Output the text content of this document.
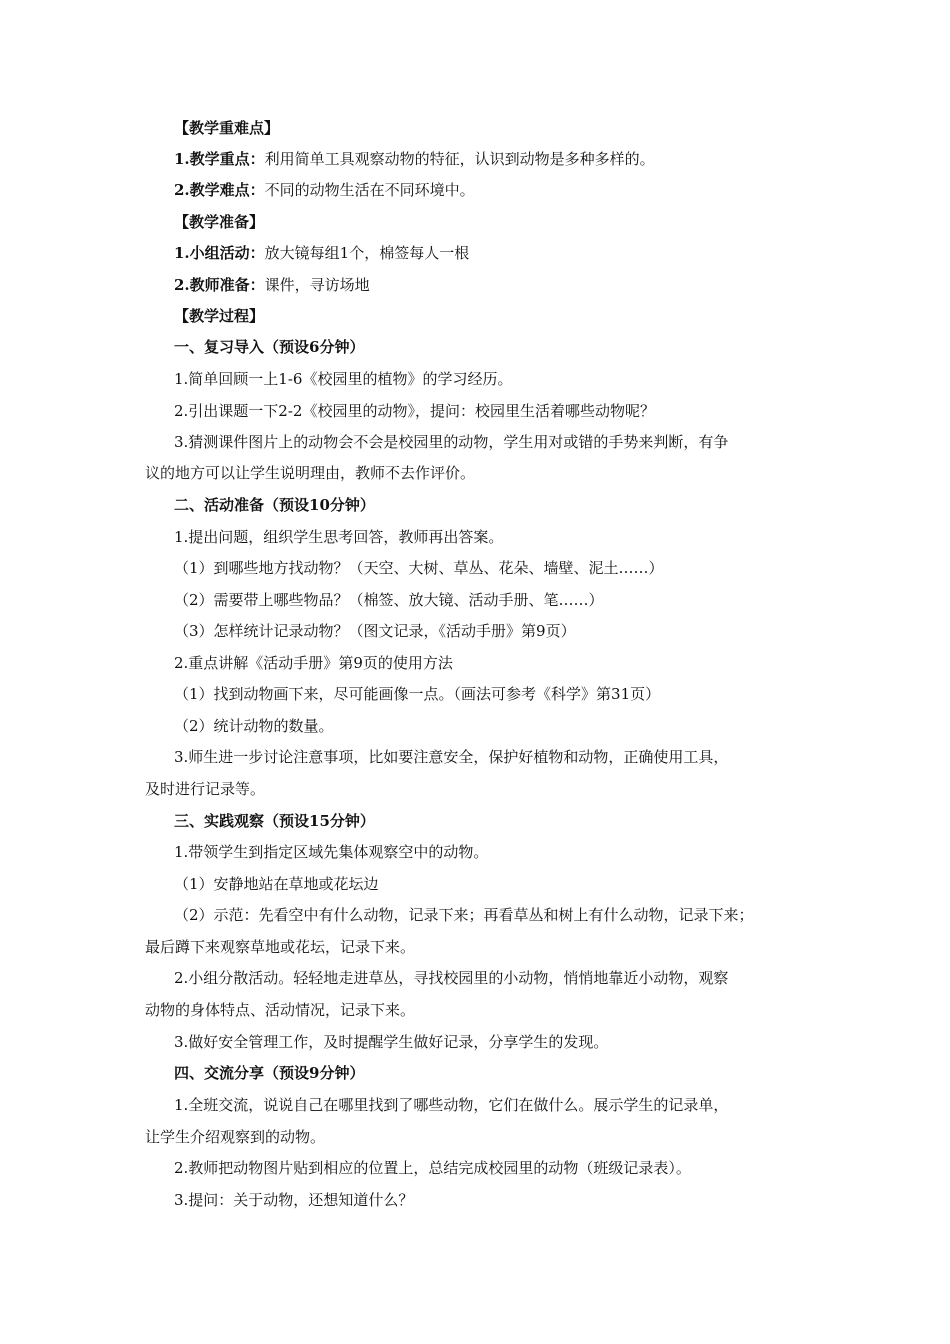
【教学重难点】
1.教学重点：利用简单工具观察动物的特征，认识到动物是多种多样的。
2.教学难点：不同的动物生活在不同环境中。
【教学准备】
1.小组活动：放大镜每组1个，棉签每人一根
2.教师准备：课件，寻访场地
【教学过程】
一、复习导入（预设6分钟）
1.简单回顾一上1-6《校园里的植物》的学习经历。
2.引出课题一下2-2《校园里的动物》，提问：校园里生活着哪些动物呢？
3.猜测课件图片上的动物会不会是校园里的动物，学生用对或错的手势来判断，有争
议的地方可以让学生说明理由，教师不去作评价。
二、活动准备（预设10分钟）
1.提出问题，组织学生思考回答，教师再出答案。
（1）到哪些地方找动物？（天空、大树、草丛、花朵、墙壁、泥土……）
（2）需要带上哪些物品？（棉签、放大镜、活动手册、笔……）
（3）怎样统计记录动物？（图文记录，《活动手册》第9页）
2.重点讲解《活动手册》第9页的使用方法
（1）找到动物画下来，尽可能画像一点。（画法可参考《科学》第31页）
（2）统计动物的数量。
3.师生进一步讨论注意事项，比如要注意安全，保护好植物和动物，正确使用工具，
及时进行记录等。
三、实践观察（预设15分钟）
1.带领学生到指定区域先集体观察空中的动物。
（1）安静地站在草地或花坛边
（2）示范：先看空中有什么动物，记录下来；再看草丛和树上有什么动物，记录下来；
最后蹲下来观察草地或花坛，记录下来。
2.小组分散活动。轻轻地走进草丛，寻找校园里的小动物，悄悄地靠近小动物，观察
动物的身体特点、活动情况，记录下来。
3.做好安全管理工作，及时提醒学生做好记录，分享学生的发现。
四、交流分享（预设9分钟）
1.全班交流，说说自己在哪里找到了哪些动物，它们在做什么。展示学生的记录单，
让学生介绍观察到的动物。
2.教师把动物图片贴到相应的位置上，总结完成校园里的动物（班级记录表）。
3.提问：关于动物，还想知道什么？
